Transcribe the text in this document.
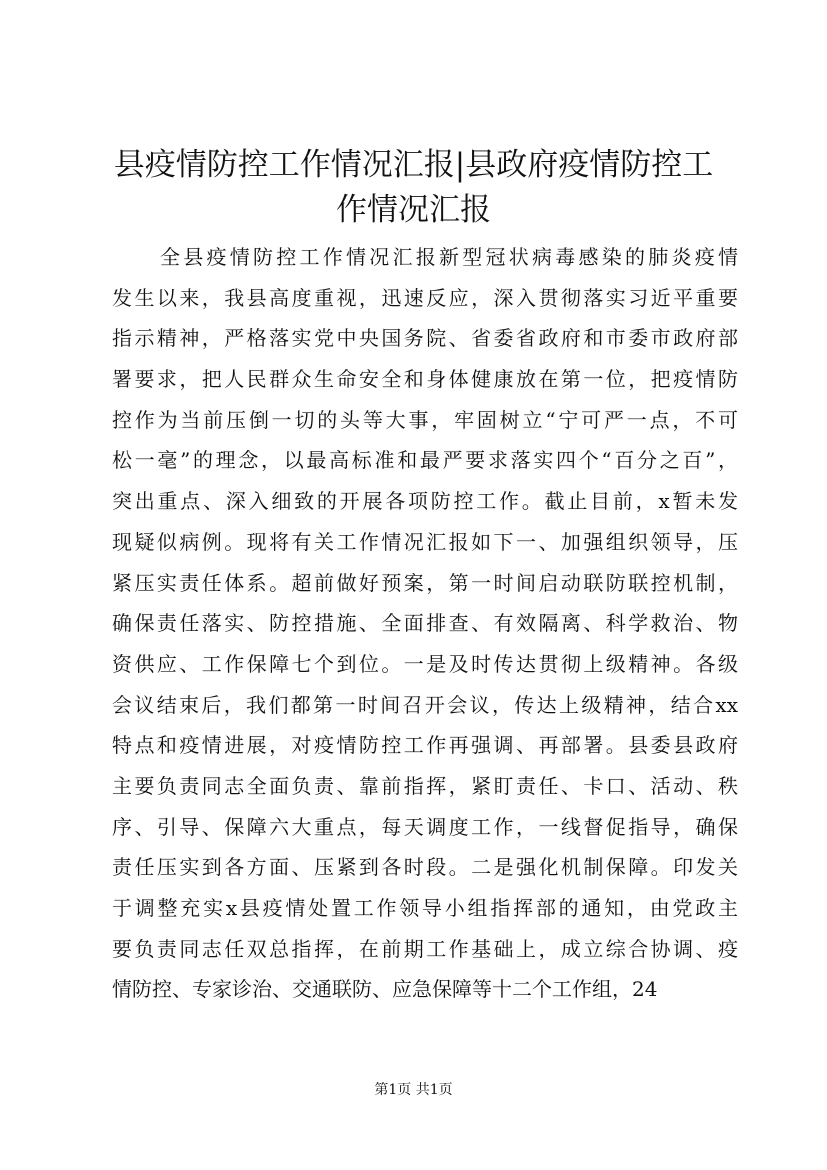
县疫情防控工作情况汇报|县政府疫情防控工
作情况汇报
全县疫情防控工作情况汇报新型冠状病毒感染的肺炎疫情
发生以来，我县高度重视，迅速反应，深入贯彻落实习近平重要
指示精神，严格落实党中央国务院、省委省政府和市委市政府部
署要求，把人民群众生命安全和身体健康放在第一位，把疫情防
控作为当前压倒一切的头等大事，牢固树立“宁可严一点，不可
松一毫”的理念，以最高标准和最严要求落实四个“百分之百”，
突出重点、深入细致的开展各项防控工作。截止目前，x暂未发
现疑似病例。现将有关工作情况汇报如下一、加强组织领导，压
紧压实责任体系。超前做好预案，第一时间启动联防联控机制，
确保责任落实、防控措施、全面排查、有效隔离、科学救治、物
资供应、工作保障七个到位。一是及时传达贯彻上级精神。各级
会议结束后，我们都第一时间召开会议，传达上级精神，结合xx
特点和疫情进展，对疫情防控工作再强调、再部署。县委县政府
主要负责同志全面负责、靠前指挥，紧盯责任、卡口、活动、秩
序、引导、保障六大重点，每天调度工作，一线督促指导，确保
责任压实到各方面、压紧到各时段。二是强化机制保障。印发关
于调整充实x县疫情处置工作领导小组指挥部的通知，由党政主
要负责同志任双总指挥，在前期工作基础上，成立综合协调、疫
情防控、专家诊治、交通联防、应急保障等十二个工作组，24
第1页 共1页
